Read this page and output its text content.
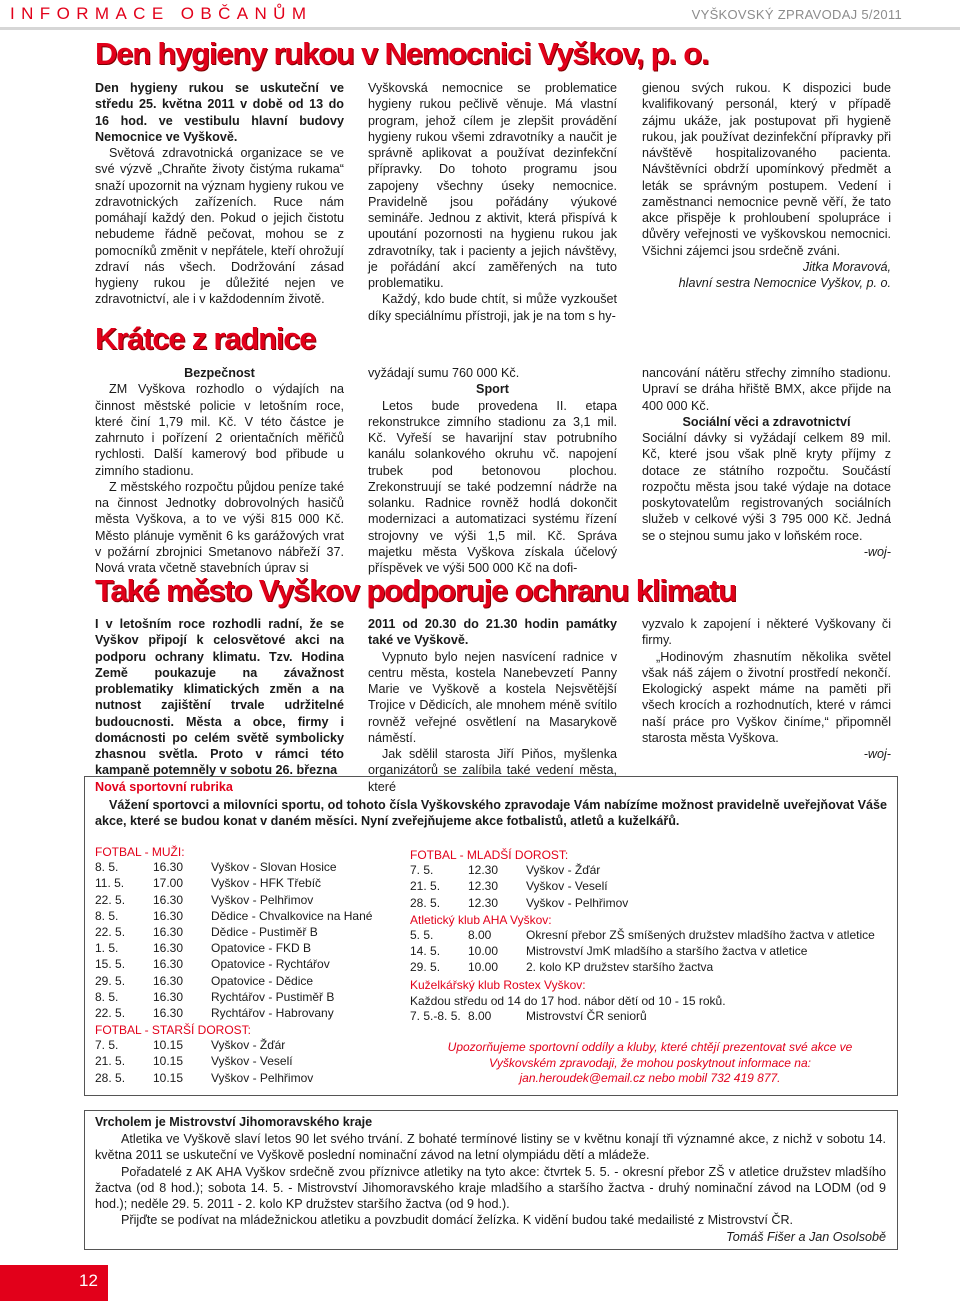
INFORMACE OBČANŮM	VYŠKOVSKÝ ZPRAVODAJ 5/2011
Den hygieny rukou v Nemocnici Vyškov, p. o.

Den hygieny rukou se uskuteční ve středu 25. května 2011 v době od 13 do 16 hod. ve vestibulu hlavní budovy Nemocnice ve Vyškově.

Světová zdravotnická organizace se ve své výzvě „Chraňte životy čistýma rukama“ snaží upozornit na význam hygieny rukou ve zdravotnických zařízeních. Ruce nám pomáhají každý den. Pokud o jejich čistotu nebudeme řádně pečovat, mohou se z pomocníků změnit v nepřátele, kteří ohrožují zdraví nás všech. Dodržování zásad hygieny rukou je důležité nejen ve zdravotnictví, ale i v každodenním životě.

Vyškovská nemocnice se problematice hygieny rukou pečlivě věnuje. Má vlastní program, jehož cílem je zlepšit provádění hygieny rukou všemi zdravotníky a naučit je správně aplikovat a používat dezinfekční přípravky. Do tohoto programu jsou zapojeny všechny úseky nemocnice. Pravidelně jsou pořádány výukové semináře. Jednou z aktivit, která přispívá k upoutání pozornosti na hygienu rukou jak zdravotníky, tak i pacienty a jejich návštěvy, je pořádání akcí zaměřených na tuto problematiku.

Každý, kdo bude chtít, si může vyzkoušet díky speciálnímu přístroji, jak je na tom s hy-

gienou svých rukou. K dispozici bude kvalifikovaný personál, který v případě zájmu ukáže, jak postupovat při hygieně rukou, jak používat dezinfekční přípravky při návštěvě hospitalizovaného pacienta. Návštěvníci obdrží upomínkový předmět a leták se správným postupem. Vedení i zaměstnanci nemocnice pevně věří, že tato akce přispěje k prohloubení spolupráce i důvěry veřejnosti ve vyškovskou nemocnici. Všichni zájemci jsou srdečně zváni.

Jitka Moravová,

hlavní sestra Nemocnice Vyškov, p. o.

Krátce z radnice

Bezpečnost

ZM Vyškova rozhodlo o výdajích na činnost městské policie v letošním roce, které činí 1,79 mil. Kč. V této částce je zahrnuto i pořízení 2 orientačních měřičů rychlosti. Další kamerový bod přibude u zimního stadionu.

Z městského rozpočtu půjdou peníze také na činnost Jednotky dobrovolných hasičů města Vyškova, a to ve výši 815 000 Kč. Město plánuje vyměnit 6 ks garážových vrat v požární zbrojnici Smetanovo nábřeží 37. Nová vrata včetně stavebních úprav si

vyžádají sumu 760 000 Kč.

Sport

Letos bude provedena II. etapa rekonstrukce zimního stadionu za 3,1 mil. Kč. Vyřeší se havarijní stav potrubního kanálu solankového okruhu vč. napojení trubek pod betonovou plochou. Zrekonstruují se také podzemní nádrže na solanku. Radnice rovněž hodlá dokončit modernizaci a automatizaci systému řízení strojovny ve výši 1,5 mil. Kč. Správa majetku města Vyškova získala účelový příspěvek ve výši 500 000 Kč na dofi-

nancování nátěru střechy zimního stadionu. Upraví se dráha hřiště BMX, akce přijde na 400 000 Kč.

Sociální věci a zdravotnictví

Sociální dávky si vyžádají celkem 89 mil. Kč, které jsou však plně kryty příjmy z dotace ze státního rozpočtu. Součástí rozpočtu města jsou také výdaje na dotace poskytovatelům registrovaných sociálních služeb v celkové výši 3 795 000 Kč. Jedná se o stejnou sumu jako v loňském roce.

-woj-

Také město Vyškov podporuje ochranu klimatu

I v letošním roce rozhodli radní, že se Vyškov připojí k celosvětové akci na podporu ochrany klimatu. Tzv. Hodina Země poukazuje na závažnost problematiky klimatických změn a na nutnost zajištění trvale udržitelné budoucnosti. Města a obce, firmy i domácnosti po celém světě symbolicky zhasnou světla. Proto v rámci této kampaně potemněly v sobotu 26. března

2011 od 20.30 do 21.30 hodin památky také ve Vyškově.

Vypnuto bylo nejen nasvícení radnice v centru města, kostela Nanebevzetí Panny Marie ve Vyškově a kostela Nejsvětější Trojice v Dědicích, ale mnohem méně svítilo rovněž veřejné osvětlení na Masarykově náměstí.

Jak sdělil starosta Jiří Piňos, myšlenka organizátorů se zalíbila také vedení města, které

vyzvalo k zapojení i některé Vyškovany či firmy.

„Hodinovým zhasnutím několika světel však náš zájem o životní prostředí nekončí. Ekologický aspekt máme na paměti při všech krocích a rozhodnutích, které v rámci naší práce pro Vyškov činíme,“ připomněl starosta města Vyškova.

-woj-

Nová sportovní rubrika
Vážení sportovci a milovníci sportu, od tohoto čísla Vyškovského zpravodaje Vám nabízíme možnost pravidelně uveřejňovat Váše akce, které se budou konat v daném měsíci. Nyní zveřejňujeme akce fotbalistů, atletů a kuželkářů.
FOTBAL - MUŽI:
8. 5.	16.30	Vyškov - Slovan Hosice
11. 5.	17.00	Vyškov - HFK Třebíč
22. 5.	16.30	Vyškov - Pelhřimov
8. 5.	16.30	Dědice - Chvalkovice na Hané
22. 5.	16.30	Dědice - Pustiměř B
1. 5.	16.30	Opatovice - FKD B
15. 5.	16.30	Opatovice - Rychtářov
29. 5.	16.30	Opatovice - Dědice
8. 5.	16.30	Rychtářov - Pustiměř B
22. 5.	16.30	Rychtářov - Habrovany
FOTBAL - STARŠÍ DOROST:
7. 5.	10.15	Vyškov - Žďár
21. 5.	10.15	Vyškov - Veselí
28. 5.	10.15	Vyškov - Pelhřimov
FOTBAL - MLADŠÍ DOROST:
7. 5.	12.30	Vyškov - Žďár
21. 5.	12.30	Vyškov - Veselí
28. 5.	12.30	Vyškov - Pelhřimov
Atletický klub AHA Vyškov:
5. 5.	8.00	Okresní přebor ZŠ smíšených družstev mladšího žactva v atletice
14. 5.	10.00	Mistrovství JmK mladšího a staršího žactva v atletice
29. 5.	10.00	2. kolo KP družstev staršího žactva
Kuželkářský klub Rostex Vyškov:
Každou středu od 14 do 17 hod. nábor dětí od 10 - 15 roků.
7. 5.-8. 5.	8.00	Mistrovství ČR seniorů
Upozorňujeme sportovní oddíly a kluby, které chtějí prezentovat své akce ve
Vyškovském zpravodaji, že mohou poskytnout informace na:
jan.heroudek@email.cz nebo mobil 732 419 877.
Vrcholem je Mistrovství Jihomoravského kraje

Atletika ve Vyškově slaví letos 90 let svého trvání. Z bohaté termínové listiny se v květnu konají tři významné akce, z nichž v sobotu 14. května 2011 se uskuteční ve Vyškově poslední nominační závod na letní olympiádu dětí a mládeže.

Pořadatelé z AK AHA Vyškov srdečně zvou příznivce atletiky na tyto akce: čtvrtek 5. 5. - okresní přebor ZŠ v atletice družstev mladšího žactva (od 8 hod.); sobota 14. 5. - Mistrovství Jihomoravského kraje mladšího a staršího žactva - druhý nominační závod na LODM (od 9 hod.); neděle 29. 5. 2011 - 2. kolo KP družstev staršího žactva (od 9 hod.).

Přijďte se podívat na mládežnickou atletiku a povzbudit domácí želízka. K vidění budou také medailisté z Mistrovství ČR.

Tomáš Fišer a Jan Osolsobě

12
